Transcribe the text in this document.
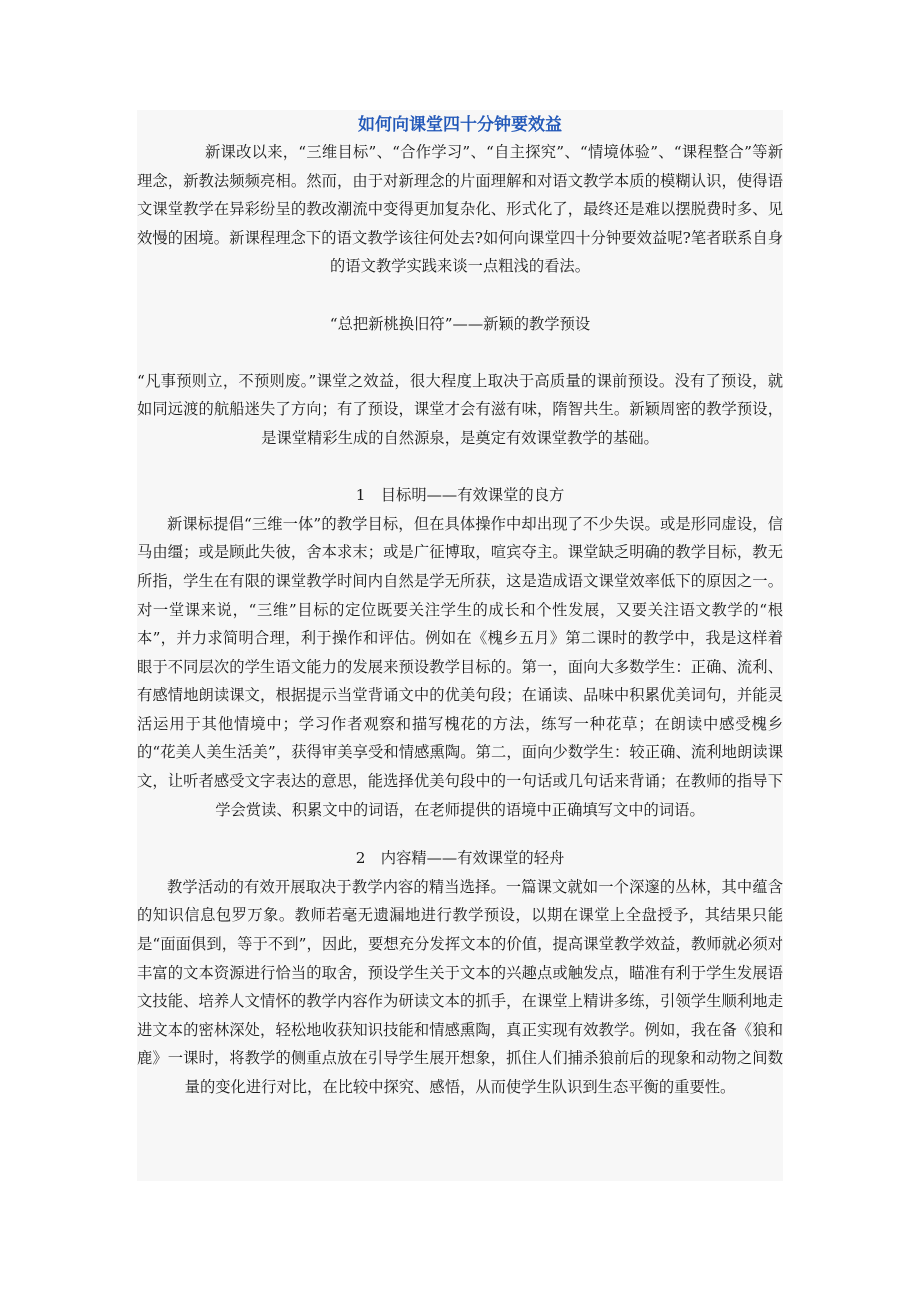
如何向课堂四十分钟要效益

新课改以来，“三维目标”、“合作学习”、“自主探究”、“情境体验”、“课程整合”等新理念，新教法频频亮相。然而，由于对新理念的片面理解和对语文教学本质的模糊认识，使得语文课堂教学在异彩纷呈的教改潮流中变得更加复杂化、形式化了，最终还是难以摆脱费时多、见效慢的困境。新课程理念下的语文教学该往何处去?如何向课堂四十分钟要效益呢?笔者联系自身的语文教学实践来谈一点粗浅的看法。

“总把新桃换旧符”——新颖的教学预设

“凡事预则立，不预则废。”课堂之效益，很大程度上取决于高质量的课前预设。没有了预设，就如同远渡的航船迷失了方向；有了预设，课堂才会有滋有味，隋智共生。新颖周密的教学预设，是课堂精彩生成的自然源泉，是奠定有效课堂教学的基础。

1　目标明——有效课堂的良方

新课标提倡“三维一体”的教学目标，但在具体操作中却出现了不少失误。或是形同虚设，信马由缰；或是顾此失彼，舍本求末；或是广征博取，喧宾夺主。课堂缺乏明确的教学目标，教无所指，学生在有限的课堂教学时间内自然是学无所获，这是造成语文课堂效率低下的原因之一。对一堂课来说，“三维”目标的定位既要关注学生的成长和个性发展，又要关注语文教学的“根本”，并力求简明合理，利于操作和评估。例如在《槐乡五月》第二课时的教学中，我是这样着眼于不同层次的学生语文能力的发展来预设教学目标的。第一，面向大多数学生：正确、流利、有感情地朗读课文，根据提示当堂背诵文中的优美句段；在诵读、品味中积累优美词句，并能灵活运用于其他情境中；学习作者观察和描写槐花的方法，练写一种花草；在朗读中感受槐乡的“花美人美生活美”，获得审美享受和情感熏陶。第二，面向少数学生：较正确、流利地朗读课文，让听者感受文字表达的意思，能选择优美句段中的一句话或几句话来背诵；在教师的指导下学会赏读、积累文中的词语，在老师提供的语境中正确填写文中的词语。

2　内容精——有效课堂的轻舟

教学活动的有效开展取决于教学内容的精当选择。一篇课文就如一个深邃的丛林，其中蕴含的知识信息包罗万象。教师若毫无遗漏地进行教学预设，以期在课堂上全盘授予，其结果只能是“面面俱到，等于不到”，因此，要想充分发挥文本的价值，提高课堂教学效益，教师就必须对丰富的文本资源进行恰当的取舍，预设学生关于文本的兴趣点或触发点，瞄准有利于学生发展语文技能、培养人文情怀的教学内容作为研读文本的抓手，在课堂上精讲多练，引领学生顺利地走进文本的密林深处，轻松地收获知识技能和情感熏陶，真正实现有效教学。例如，我在备《狼和鹿》一课时，将教学的侧重点放在引导学生展开想象，抓住人们捕杀狼前后的现象和动物之间数量的变化进行对比，在比较中探究、感悟，从而使学生队识到生态平衡的重要性。
